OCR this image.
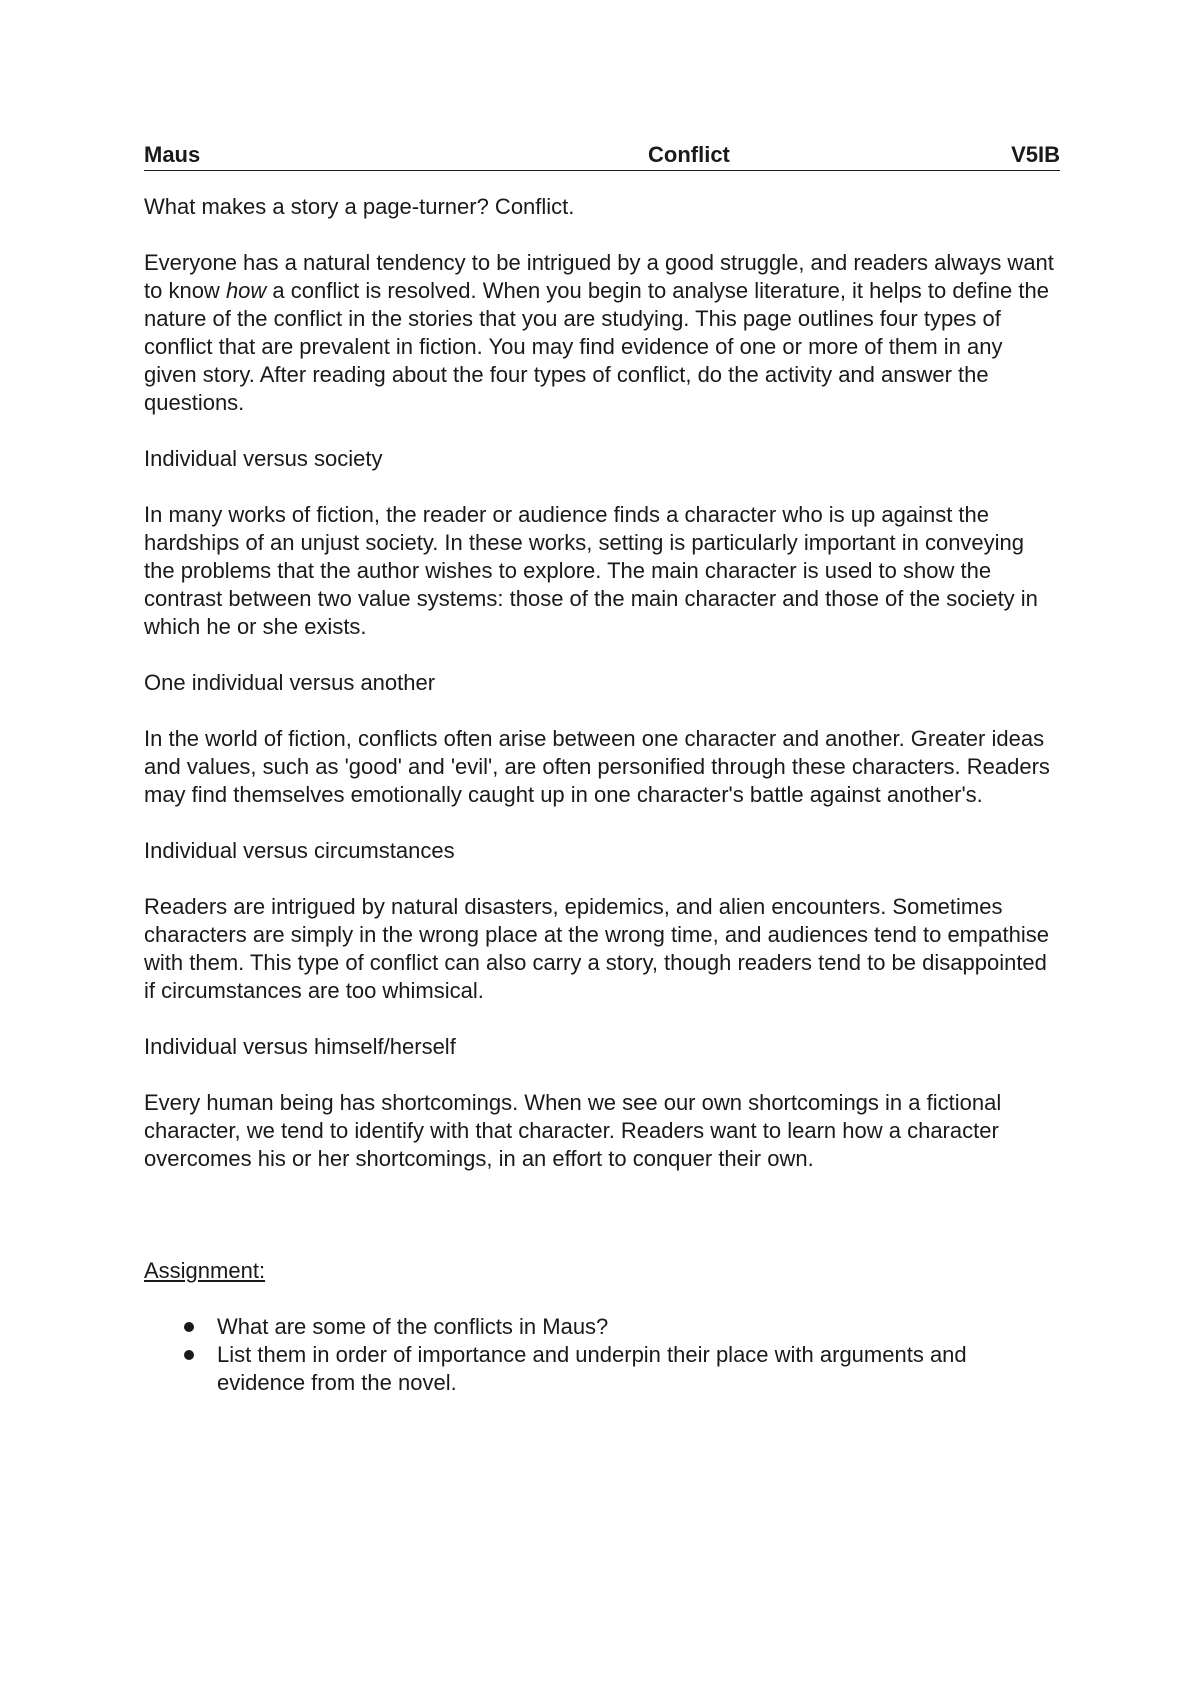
Maus	Conflict	V5IB

What makes a story a page-turner? Conflict.

Everyone has a natural tendency to be intrigued by a good struggle, and readers always want to know how a conflict is resolved. When you begin to analyse literature, it helps to define the nature of the conflict in the stories that you are studying. This page outlines four types of conflict that are prevalent in fiction. You may find evidence of one or more of them in any given story. After reading about the four types of conflict, do the activity and answer the questions.

Individual versus society

In many works of fiction, the reader or audience finds a character who is up against the hardships of an unjust society. In these works, setting is particularly important in conveying the problems that the author wishes to explore. The main character is used to show the contrast between two value systems: those of the main character and those of the society in which he or she exists.

One individual versus another

In the world of fiction, conflicts often arise between one character and another. Greater ideas and values, such as 'good' and 'evil', are often personified through these characters. Readers may find themselves emotionally caught up in one character's battle against another's.

Individual versus circumstances

Readers are intrigued by natural disasters, epidemics, and alien encounters. Sometimes characters are simply in the wrong place at the wrong time, and audiences tend to empathise with them. This type of conflict can also carry a story, though readers tend to be disappointed if circumstances are too whimsical.

Individual versus himself/herself

Every human being has shortcomings. When we see our own shortcomings in a fictional character, we tend to identify with that character. Readers want to learn how a character overcomes his or her shortcomings, in an effort to conquer their own.

Assignment:

What are some of the conflicts in Maus?
List them in order of importance and underpin their place with arguments and evidence from the novel.
